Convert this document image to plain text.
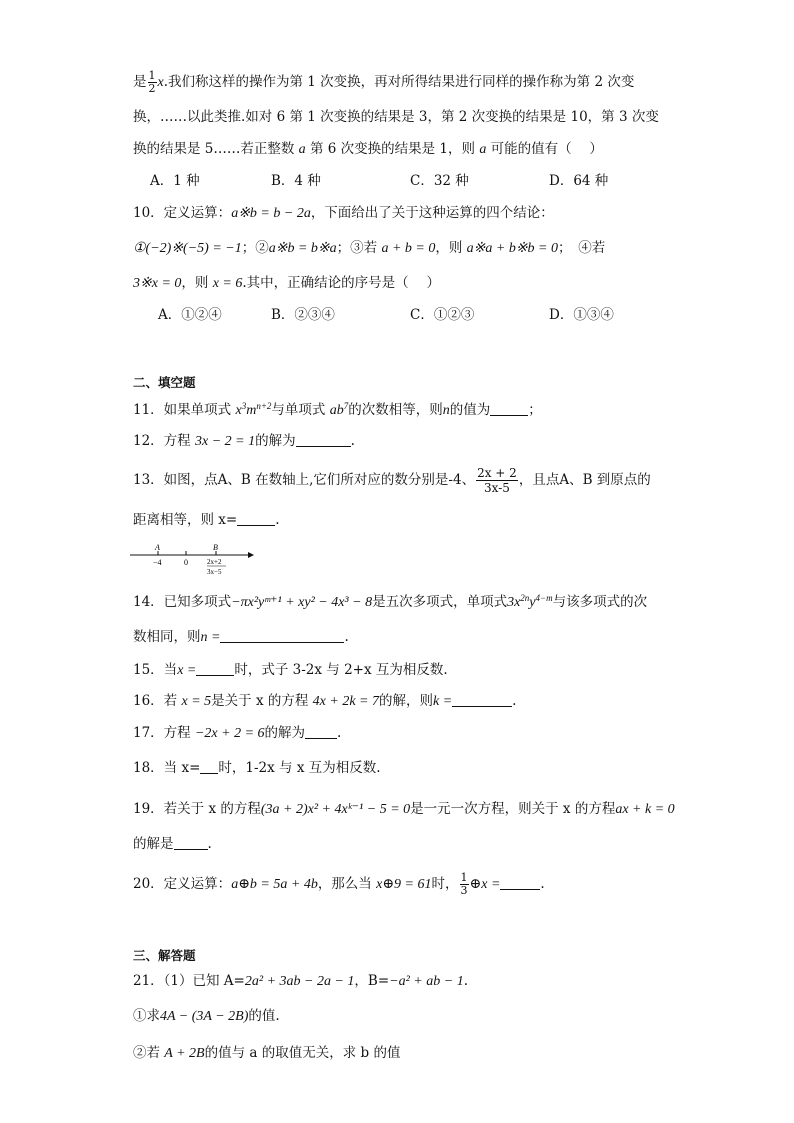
是 $\frac{1}{2} x$.我们称这样的操作为第 1 次变换，再对所得结果进行同样的操作称为第 2 次变
换，……以此类推.如对 6 第 1 次变换的结果是 3，第 2 次变换的结果是 10，第 3 次变
换的结果是 5……若正整数 a 第 6 次变换的结果是 1，则 a 可能的值有（　 ）
A．1 种	B．4 种	C．32 种	D．64 种
10．定义运算：a※b = b − 2a，下面给出了关于这种运算的四个结论：
①(−2)※(−5) = −1；②a※b = b※a；③若 a + b = 0，则 a※a + b※b = 0；　④若
3※x = 0，则 x = 6.其中，正确结论的序号是（　 ）
A．①②④	B．②③④	C．①②③	D．①③④
二、填空题
11．如果单项式 $x^3m^{n+2}$与单项式 $ab^7$的次数相等，则n的值为	；
12．方程 3x − 2 = 1的解为	.
13．如图，点A、B 在数轴上,它们所对应的数分别是-4、 $\frac{2x + 2}{3x-5}$ ，且点A、B 到原点的
距离相等，则 x=	.
A	B
−4	0	2x+2
3x−5
14．已知多项式−πx²yᵐ⁺¹ + xy² − 4x³ − 8是五次多项式，单项式$3x^{2n}y^{4-m}$与该多项式的次
数相同，则n =	.
15．当x =	时，式子 3-2x 与 2+x 互为相反数.
16．若 x = 5是关于 x 的方程 4x + 2k = 7的解，则k =	.
17．方程 −2x + 2 = 6的解为 .
18．当 x= 时，1-2x 与 x 互为相反数.
19．若关于 x 的方程(3a + 2)x² + 4xᵏ⁻¹ − 5 = 0是一元一次方程，则关于 x 的方程ax + k = 0
的解是	.
20．定义运算：a⊕b = 5a + 4b，那么当 x⊕9 = 61时， $\frac{1}{3}$ ⊕x =	.
三、解答题
21．（1）已知 A=2a² + 3ab − 2a − 1，B=−a² + ab − 1.
①求4A − (3A − 2B)的值.
②若 A + 2B的值与 a 的取值无关，求 b 的值
